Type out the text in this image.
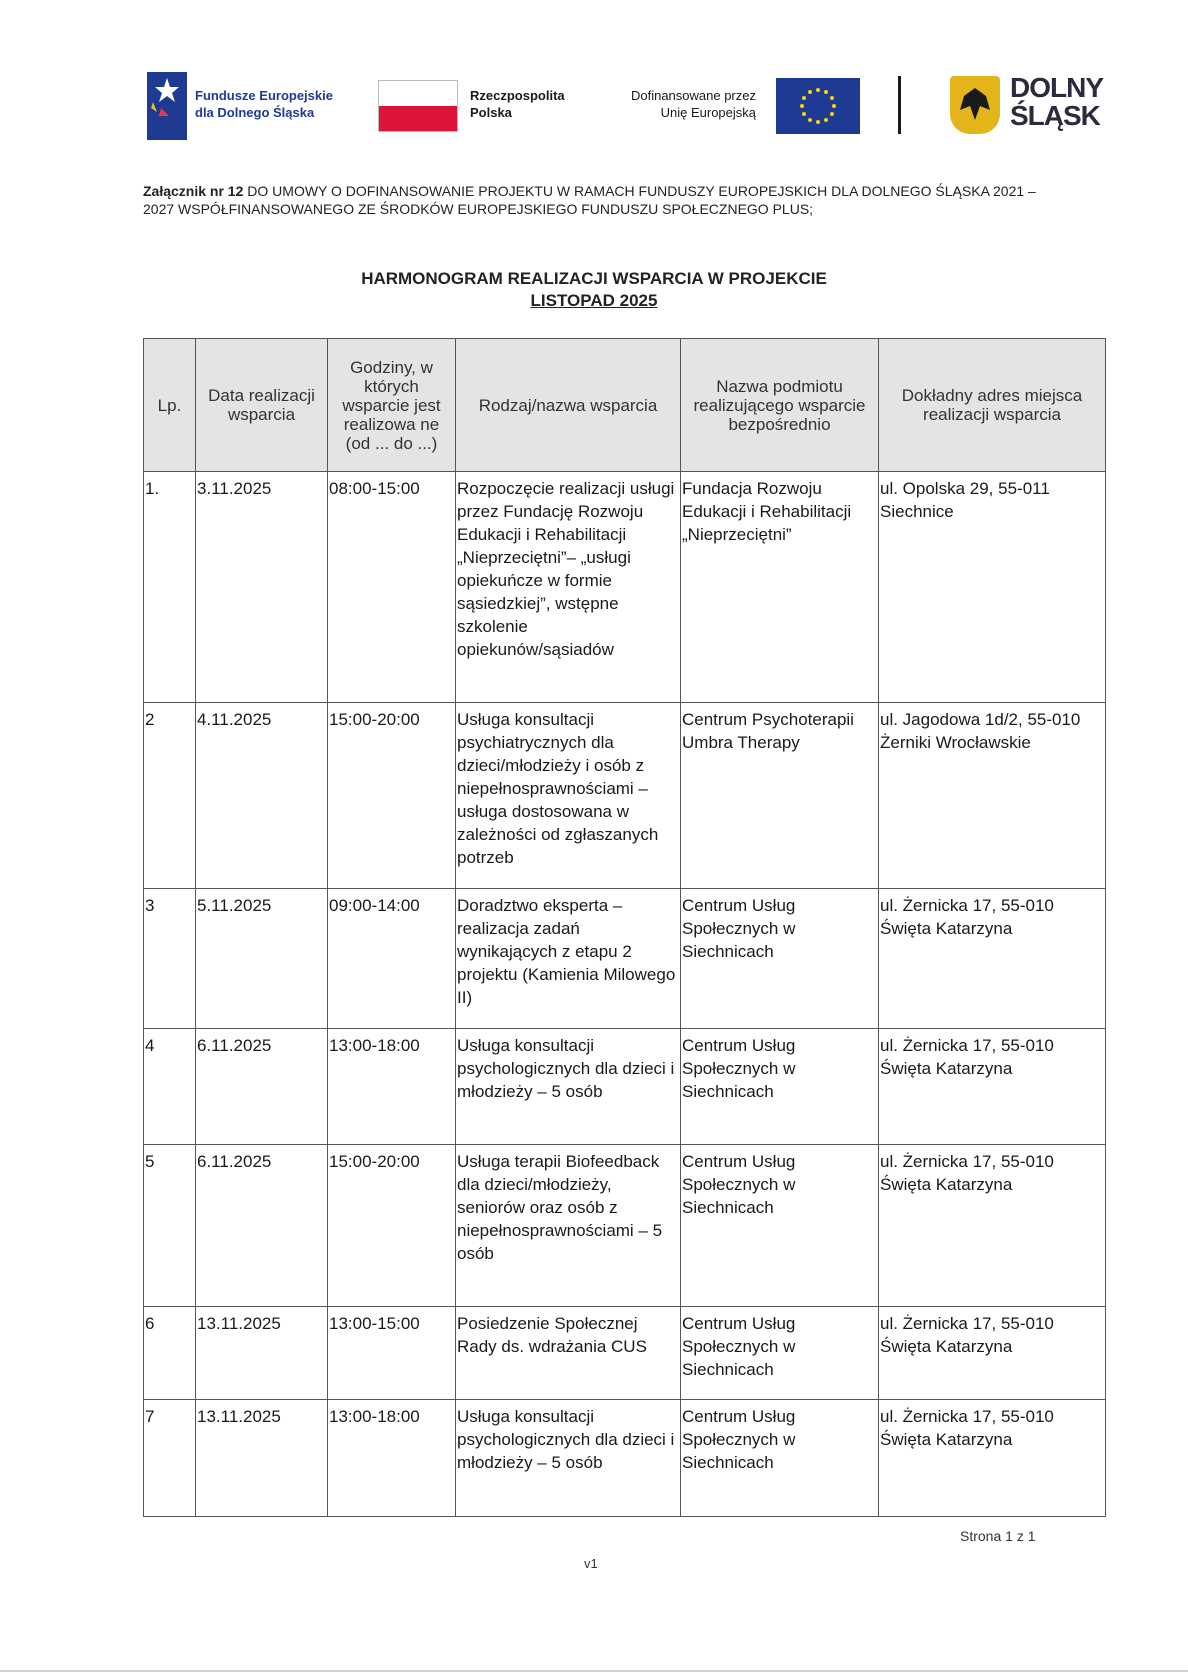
Fundusze Europejskie
dla Dolnego Śląska
Rzeczpospolita
Polska
Dofinansowane przez
Unię Europejską
DOLNY
ŚLĄSK
Załącznik nr 12 DO UMOWY O DOFINANSOWANIE PROJEKTU W RAMACH FUNDUSZY EUROPEJSKICH DLA DOLNEGO ŚLĄSKA 2021 – 2027 WSPÓŁFINANSOWANEGO ZE ŚRODKÓW EUROPEJSKIEGO FUNDUSZU SPOŁECZNEGO PLUS;
HARMONOGRAM REALIZACJI WSPARCIA W PROJEKCIE
LISTOPAD 2025
Lp.	Data realizacji wsparcia	Godziny, w których wsparcie jest realizowa ne (od ... do ...)	Rodzaj/nazwa wsparcia	Nazwa podmiotu realizującego wsparcie bezpośrednio	Dokładny adres miejsca realizacji wsparcia
1.	3.11.2025	08:00-15:00	Rozpoczęcie realizacji usługi przez Fundację Rozwoju Edukacji i Rehabilitacji „Nieprzeciętni”– „usługi opiekuńcze w formie sąsiedzkiej”, wstępne szkolenie opiekunów/sąsiadów	Fundacja Rozwoju Edukacji i Rehabilitacji „Nieprzeciętni”	ul. Opolska 29, 55-011 Siechnice
2	4.11.2025	15:00-20:00	Usługa konsultacji psychiatrycznych dla dzieci/młodzieży i osób z niepełnosprawnościami – usługa dostosowana w zależności od zgłaszanych potrzeb	Centrum Psychoterapii Umbra Therapy	ul. Jagodowa 1d/2, 55-010 Żerniki Wrocławskie
3	5.11.2025	09:00-14:00	Doradztwo eksperta – realizacja zadań wynikających z etapu 2 projektu (Kamienia Milowego II)	Centrum Usług Społecznych w Siechnicach	ul. Żernicka 17, 55-010 Święta Katarzyna
4	6.11.2025	13:00-18:00	Usługa konsultacji psychologicznych dla dzieci i młodzieży – 5 osób	Centrum Usług Społecznych w Siechnicach	ul. Żernicka 17, 55-010 Święta Katarzyna
5	6.11.2025	15:00-20:00	Usługa terapii Biofeedback dla dzieci/młodzieży, seniorów oraz osób z niepełnosprawnościami – 5 osób	Centrum Usług Społecznych w Siechnicach	ul. Żernicka 17, 55-010 Święta Katarzyna
6	13.11.2025	13:00-15:00	Posiedzenie Społecznej Rady ds. wdrażania CUS	Centrum Usług Społecznych w Siechnicach	ul. Żernicka 17, 55-010 Święta Katarzyna
7	13.11.2025	13:00-18:00	Usługa konsultacji psychologicznych dla dzieci i młodzieży – 5 osób	Centrum Usług Społecznych w Siechnicach	ul. Żernicka 17, 55-010 Święta Katarzyna
Strona 1 z 1
v1
